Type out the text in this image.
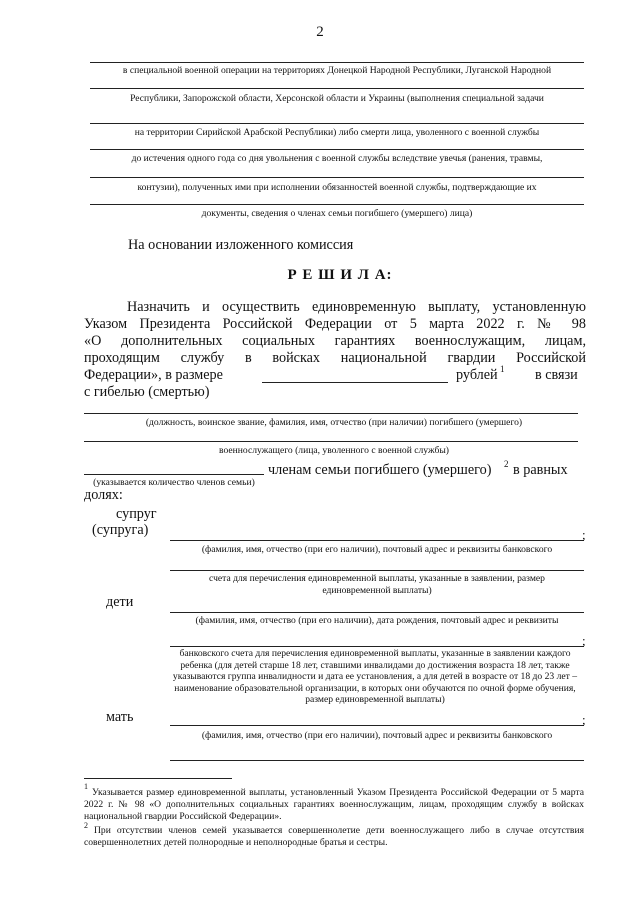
2
в специальной военной операции на территориях Донецкой Народной Республики, Луганской Народной
Республики, Запорожской области, Херсонской области и Украины (выполнения специальной задачи
на территории Сирийской Арабской Республики) либо смерти лица, уволенного с военной службы
до истечения одного года со дня увольнения с военной службы вследствие увечья (ранения, травмы,
контузии), полученных ими при исполнении обязанностей военной службы, подтверждающие их
документы, сведения о членах семьи погибшего (умершего) лица)
На основании изложенного комиссия
Р Е Ш И Л А:
Назначить и осуществить единовременную выплату, установленную
Указом Президента Российской Федерации от 5 марта 2022 г. № 98
«О дополнительных социальных гарантиях военнослужащим, лицам,
проходящим службу в войсках национальной гвардии Российской
Федерации», в размере	рублей 1 в связи
с гибелью (смертью)
(должность, воинское звание, фамилия, имя, отчество (при наличии) погибшего (умершего)
военнослужащего (лица, уволенного с военной службы)
членам семьи погибшего (умершего) 2 в равных
(указывается количество членов семьи)
долях:
супруг
(супруга)	;
(фамилия, имя, отчество (при его наличии), почтовый адрес и реквизиты банковского
счета для перечисления единовременной выплаты, указанные в заявлении, размер единовременной выплаты)
дети
(фамилия, имя, отчество (при его наличии), дата рождения, почтовый адрес и реквизиты
;
банковского счета для перечисления единовременной выплаты, указанные в заявлении каждого ребенка (для детей старше 18 лет, ставшими инвалидами до достижения возраста 18 лет, также указываются группа инвалидности и дата ее установления, а для детей в возрасте от 18 до 23 лет – наименование образовательной организации, в которых они обучаются по очной форме обучения, размер единовременной выплаты)
мать	;
(фамилия, имя, отчество (при его наличии), почтовый адрес и реквизиты банковского
1
Указывается размер единовременной выплаты, установленный Указом Президента Российской Федерации от 5 марта 2022 г. № 98 «О дополнительных социальных гарантиях военнослужащим, лицам, проходящим службу в войсках национальной гвардии Российской Федерации».
2 При отсутствии членов семей указывается совершеннолетие дети военнослужащего либо в случае отсутствия совершеннолетних детей полнородные и неполнородные братья и сестры.
